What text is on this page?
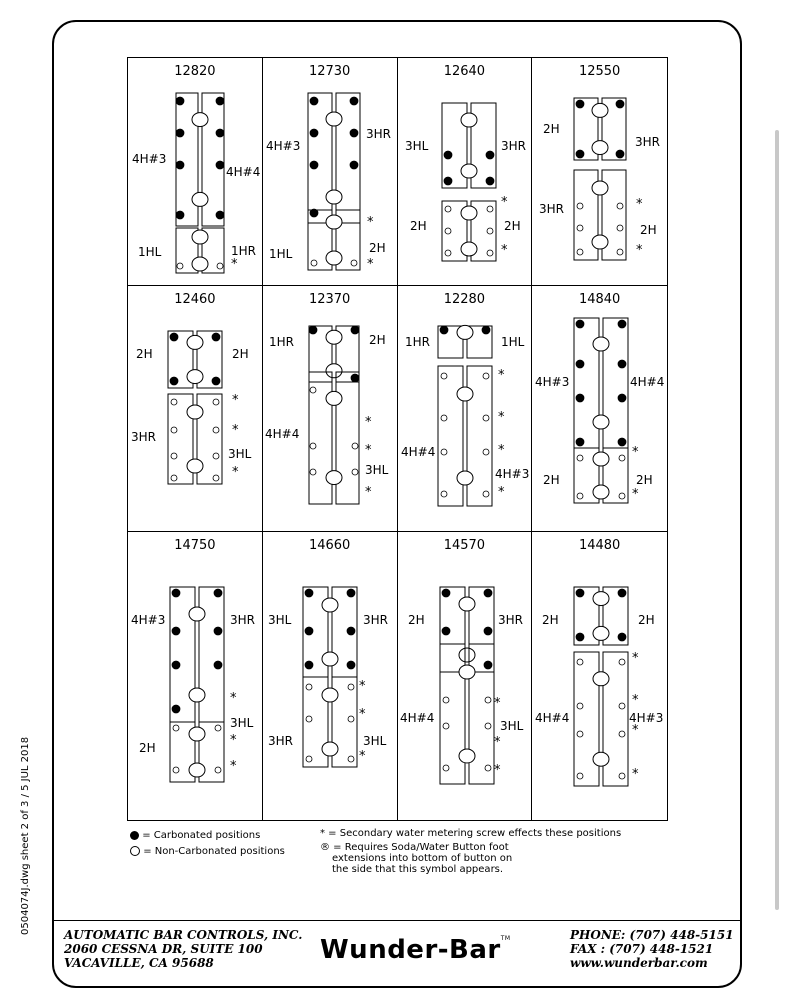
0504074J.dwg sheet 2 of 3 / 5 JUL 2018
12820
4H#3
4H#4
1HL	1HR
*
12730
4H#3
3HR
*
2H
1HL
*
12640
3HL	3HR
*
2H	2H
*
12550
2H
3HR
3HR	*
2H
*
12460
2H	2H
*
3HR	*
3HL
*
12370
1HR	2H
*
4H#4
*
3HL
*
12280
1HR	1HL
*
*
4H#4	*
4H#3
*
14840
4H#3	4H#4
*
2H	2H
*
14750
4H#3	3HR
*
3HL
*
2H
*
14660
3HL	3HR
*
*
3HR	3HL
*
14570
2H	3HR
*
4H#4
3HL
*
*
14480
2H	2H
*
*
4H#4	4H#3
*
*
= Carbonated positions
= Non-Carbonated positions
* = Secondary water metering screw effects these positions
® = Requires Soda/Water Button foot
extensions into bottom of button on
the side that this symbol appears.
AUTOMATIC BAR CONTROLS, INC.
2060 CESSNA DR, SUITE 100
VACAVILLE, CA 95688	Wunder-Bar™	PHONE: (707) 448-5151
FAX : (707) 448-1521
www.wunderbar.com
